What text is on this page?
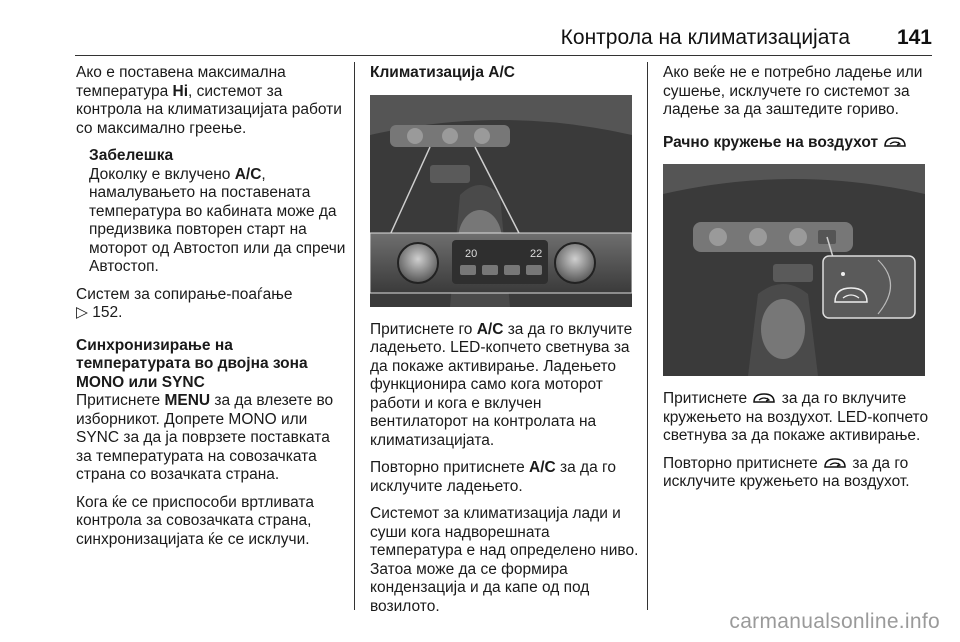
Контрола на климатизацијата 141

Ако е поставена максимална температура Hi, системот за контрола на климатизацијата работи со максимално греење.

Забелешка
Доколку е вклучено A/C, намалувањето на поставената температура во кабината може да предизвика повторен старт на моторот од Автостоп или да спречи Автостоп.

Систем за сопирање-поаѓање
▷ 152.

Синхронизирање на температурата во двојна зона MONO или SYNC

Притиснете MENU за да влезете во изборникот. Допрете MONO или SYNC за да ја поврзете поставката за температурата на совозачката страна со возачката страна.

Кога ќе се приспособи вртливата контрола за совозачката страна, синхронизацијата ќе се исклучи.

Климатизација A/C
20	22

Притиснете го A/C за да го вклучите ладењето. LED-копчето светнува за да покаже активирање. Ладењето функционира само кога моторот работи и кога е вклучен вентилаторот на контролата на климатизацијата.

Повторно притиснете A/C за да го исклучите ладењето.

Системот за климатизација лади и суши кога надворешната температура е над определено ниво. Затоа може да се формира кондензација и да капе од под возилото.

Ако веќе не е потребно ладење или сушење, исклучете го системот за ладење за да заштедите гориво.

Рачно кружење на воздухот

Притиснете  за да го вклучите кружењето на воздухот. LED-копчето светнува за да покаже активирање.

Повторно притиснете  за да го исклучите кружењето на воздухот.

carmanualsonline.info
